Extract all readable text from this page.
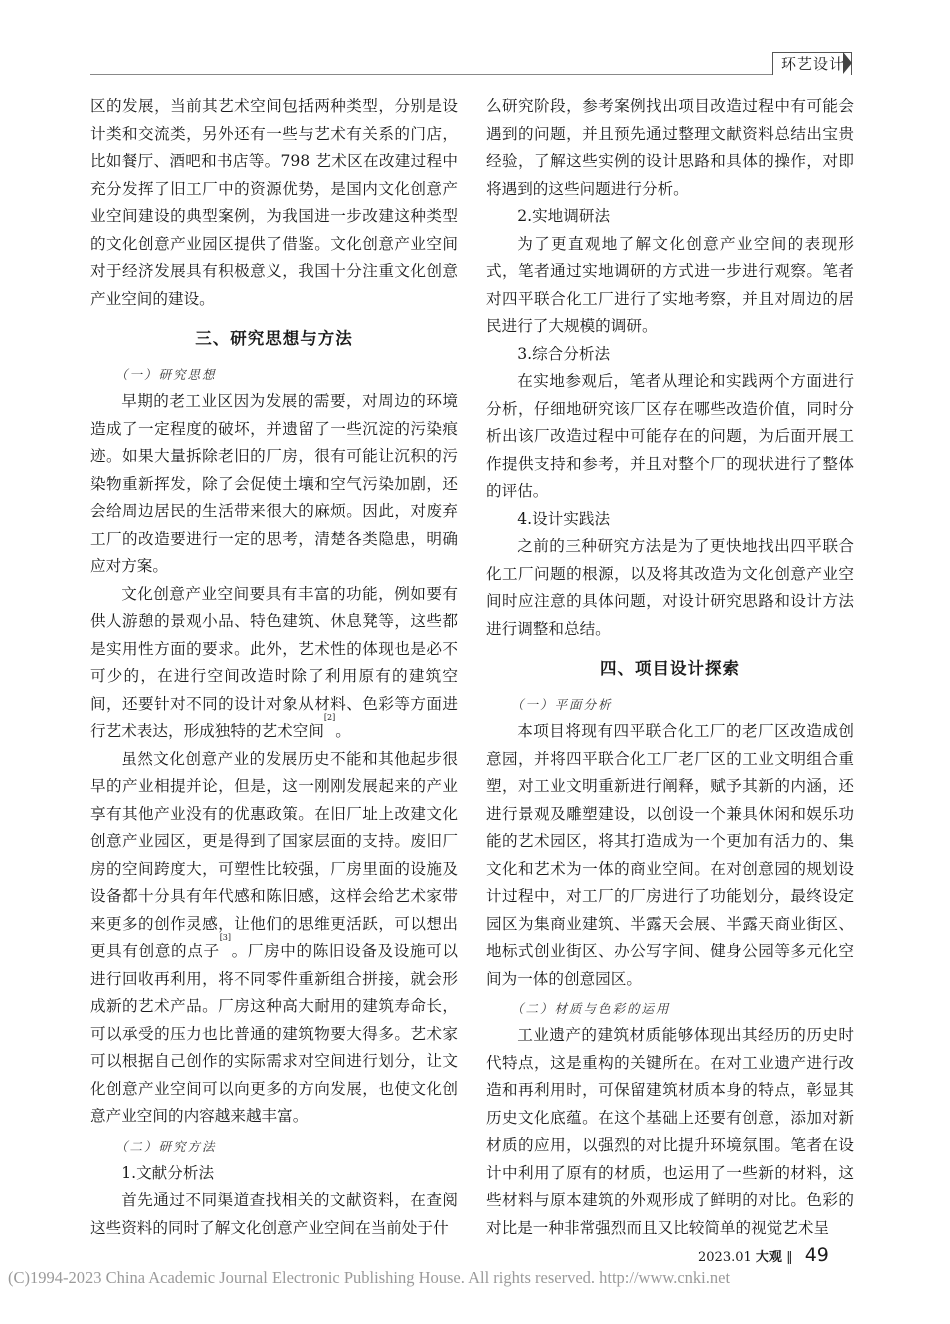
环艺设计

区的发展，当前其艺术空间包括两种类型，分别是设计类和交流类，另外还有一些与艺术有关系的门店，比如餐厅、酒吧和书店等。798 艺术区在改建过程中充分发挥了旧工厂中的资源优势，是国内文化创意产业空间建设的典型案例，为我国进一步改建这种类型的文化创意产业园区提供了借鉴。文化创意产业空间对于经济发展具有积极意义，我国十分注重文化创意产业空间的建设。

三、研究思想与方法
（一）研究思想

早期的老工业区因为发展的需要，对周边的环境造成了一定程度的破坏，并遗留了一些沉淀的污染痕迹。如果大量拆除老旧的厂房，很有可能让沉积的污染物重新挥发，除了会促使土壤和空气污染加剧，还会给周边居民的生活带来很大的麻烦。因此，对废弃工厂的改造要进行一定的思考，清楚各类隐患，明确应对方案。

文化创意产业空间要具有丰富的功能，例如要有供人游憩的景观小品、特色建筑、休息凳等，这些都是实用性方面的要求。此外，艺术性的体现也是必不可少的，在进行空间改造时除了利用原有的建筑空间，还要针对不同的设计对象从材料、色彩等方面进行艺术表达，形成独特的艺术空间[2]。

虽然文化创意产业的发展历史不能和其他起步很早的产业相提并论，但是，这一刚刚发展起来的产业享有其他产业没有的优惠政策。在旧厂址上改建文化创意产业园区，更是得到了国家层面的支持。废旧厂房的空间跨度大，可塑性比较强，厂房里面的设施及设备都十分具有年代感和陈旧感，这样会给艺术家带来更多的创作灵感，让他们的思维更活跃，可以想出更具有创意的点子[3]。厂房中的陈旧设备及设施可以进行回收再利用，将不同零件重新组合拼接，就会形成新的艺术产品。厂房这种高大耐用的建筑寿命长，可以承受的压力也比普通的建筑物要大得多。艺术家可以根据自己创作的实际需求对空间进行划分，让文化创意产业空间可以向更多的方向发展，也使文化创意产业空间的内容越来越丰富。

（二）研究方法

1.文献分析法

首先通过不同渠道查找相关的文献资料，在查阅这些资料的同时了解文化创意产业空间在当前处于什

么研究阶段，参考案例找出项目改造过程中有可能会遇到的问题，并且预先通过整理文献资料总结出宝贵经验，了解这些实例的设计思路和具体的操作，对即将遇到的这些问题进行分析。

2.实地调研法

为了更直观地了解文化创意产业空间的表现形式，笔者通过实地调研的方式进一步进行观察。笔者对四平联合化工厂进行了实地考察，并且对周边的居民进行了大规模的调研。

3.综合分析法

在实地参观后，笔者从理论和实践两个方面进行分析，仔细地研究该厂区存在哪些改造价值，同时分析出该厂改造过程中可能存在的问题，为后面开展工作提供支持和参考，并且对整个厂的现状进行了整体的评估。

4.设计实践法

之前的三种研究方法是为了更快地找出四平联合化工厂问题的根源，以及将其改造为文化创意产业空间时应注意的具体问题，对设计研究思路和设计方法进行调整和总结。

四、项目设计探索
（一）平面分析

本项目将现有四平联合化工厂的老厂区改造成创意园，并将四平联合化工厂老厂区的工业文明组合重塑，对工业文明重新进行阐释，赋予其新的内涵，还进行景观及雕塑建设，以创设一个兼具休闲和娱乐功能的艺术园区，将其打造成为一个更加有活力的、集文化和艺术为一体的商业空间。在对创意园的规划设计过程中，对工厂的厂房进行了功能划分，最终设定园区为集商业建筑、半露天会展、半露天商业街区、地标式创业街区、办公写字间、健身公园等多元化空间为一体的创意园区。

（二）材质与色彩的运用

工业遗产的建筑材质能够体现出其经历的历史时代特点，这是重构的关键所在。在对工业遗产进行改造和再利用时，可保留建筑材质本身的特点，彰显其历史文化底蕴。在这个基础上还要有创意，添加对新材质的应用，以强烈的对比提升环境氛围。笔者在设计中利用了原有的材质，也运用了一些新的材料，这些材料与原本建筑的外观形成了鲜明的对比。色彩的对比是一种非常强烈而且又比较简单的视觉艺术呈

2023.01 大观 ‖ 49
(C)1994-2023 China Academic Journal Electronic Publishing House. All rights reserved. http://www.cnki.net
